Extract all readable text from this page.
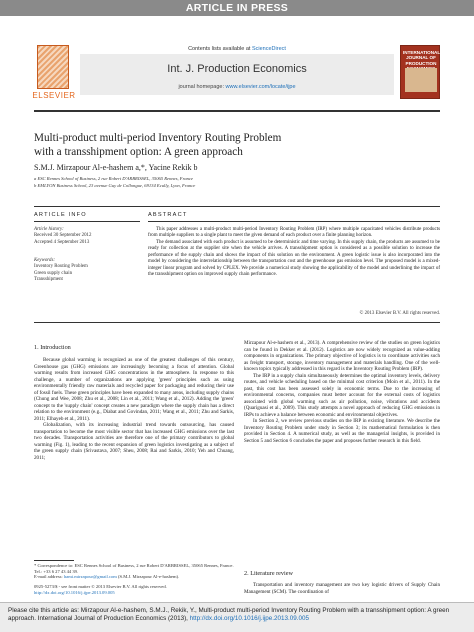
ARTICLE IN PRESS
ELSEVIER
Contents lists available at ScienceDirect
Int. J. Production Economics
journal homepage: www.elsevier.com/locate/ijpe
INTERNATIONAL JOURNAL OF PRODUCTION
Multi-product multi-period Inventory Routing Problem
with a transshipment option: A green approach
S.M.J. Mirzapour Al-e-hashem a,*, Yacine Rekik b
a ESC Rennes School of Business, 2 rue Robert D'ARBRISSEL, 35065 Rennes, France
b EMLYON Business School, 23 avenue Guy de Collongue, 69134 Ecully, Lyon, France
ARTICLE INFO	ABSTRACT
Article history:
Received 30 September 2012
Accepted 4 September 2013
Keywords:
Inventory Routing Problem
Green supply chain
Transshipment

This paper addresses a multi-product multi-period Inventory Routing Problem (IRP) where multiple capacitated vehicles distribute products from multiple suppliers to a single plant to meet the given demand of each product over a finite planning horizon.

The demand associated with each product is assumed to be deterministic and time varying. In this supply chain, the products are assumed to be ready for collection at the supplier site when the vehicle arrives. A transshipment option is considered as a possible solution to increase the performance of the supply chain and shows the impact of this solution on the environment. A green logistic issue is also incorporated into the model by considering the interrelationship between the transportation cost and the greenhouse gas emission level. The proposed model is a mixed-integer linear program and solved by CPLEX. We provide a numerical study showing the applicability of the model and underlining the impact of the transshipment option on improved supply chain performance.

© 2013 Elsevier B.V. All rights reserved.
1. Introduction

Because global warming is recognized as one of the greatest challenges of this century, Greenhouse gas (GHG) emissions are increasingly becoming a focus of attention. Global warming results from increased GHG concentrations in the atmosphere. In response to this challenge, a number of organizations are applying 'green' principles such as using environmentally friendly raw materials and recycled paper for packaging and reducing their use of fossil fuels. These green principles have been expanded to many areas, including supply chains (Chung and Wee, 2008; Zhu et al., 2008; Lin et al., 2011; Wang et al., 2012). Adding the 'green' concept to the 'supply chain' concept creates a new paradigm where the supply chain has a direct relation to the environment (e.g., Diabat and Govindan, 2011; Wang et al., 2011; Zhu and Sarkis, 2011; Elhayeb et al., 2011).

Globalization, with its increasing industrial trend towards outsourcing, has caused transportation to become the most visible sector that has increased GHG emissions over the last two decades. Transportation activities are therefore one of the primary contributors to global warming (Fig. 1), leading to the recent expansion of green logistics investigating as a subject of the green supply chain (Srivastava, 2007; Sheu, 2008; Rai and Sarkis, 2010; Yeh and Chuang, 2011;

Mirzapour Al-e-hashem et al., 2013). A comprehensive review of the studies on green logistics can be found in Dekker et al. (2012). Logistics are now widely recognized as value-adding components in organizations. The primary objective of logistics is to coordinate activities such as freight transport, storage, inventory management and materials handling. One of the well-known topics typically addressed in this regard is the Inventory Routing Problem (IRP).

The IRP in a supply chain simultaneously determines the optimal inventory levels, delivery routes, and vehicle scheduling based on the minimal cost criterion (Moin et al., 2011). In the past, this cost has been assessed solely in economic terms. Due to the increasing of environmental concerns, companies must better account for the external costs of logistics associated with global warming such as air pollution, noise, vibrations and accidents (Quariguasi et al., 2009). This study attempts a novel approach of reducing GHG emissions in IRPs to achieve a balance between economic and environmental objectives.

In Section 2, we review previous studies on the IRP in existing literature. We describe the Inventory Routing Problem under study in Section 3; its mathematical formulation is then provided in Section 4. A numerical study, as well as the managerial insights, is provided in Section 5 and Section 6 concludes the paper and proposes further research in this field.

2. Literature review

Transportation and inventory management are two key logistic drivers of Supply Chain Management (SCM). The coordination of

* Correspondence to: ESC Rennes School of Business, 2 rue Robert D'ARBRISSEL, 35065 Rennes, France. Tel.: +33 6 27 43 44 39.
E-mail address: hami.mirzapour@gmail.com (S.M.J. Mirzapour Al-e-hashem).
0925-5273/$ - see front matter © 2013 Elsevier B.V. All rights reserved.
http://dx.doi.org/10.1016/j.ijpe.2013.09.005
Please cite this article as: Mirzapour Al-e-hashem, S.M.J., Rekik, Y., Multi-product multi-period Inventory Routing Problem with a transshipment option: A green approach. International Journal of Production Economics (2013), http://dx.doi.org/10.1016/j.ijpe.2013.09.005
